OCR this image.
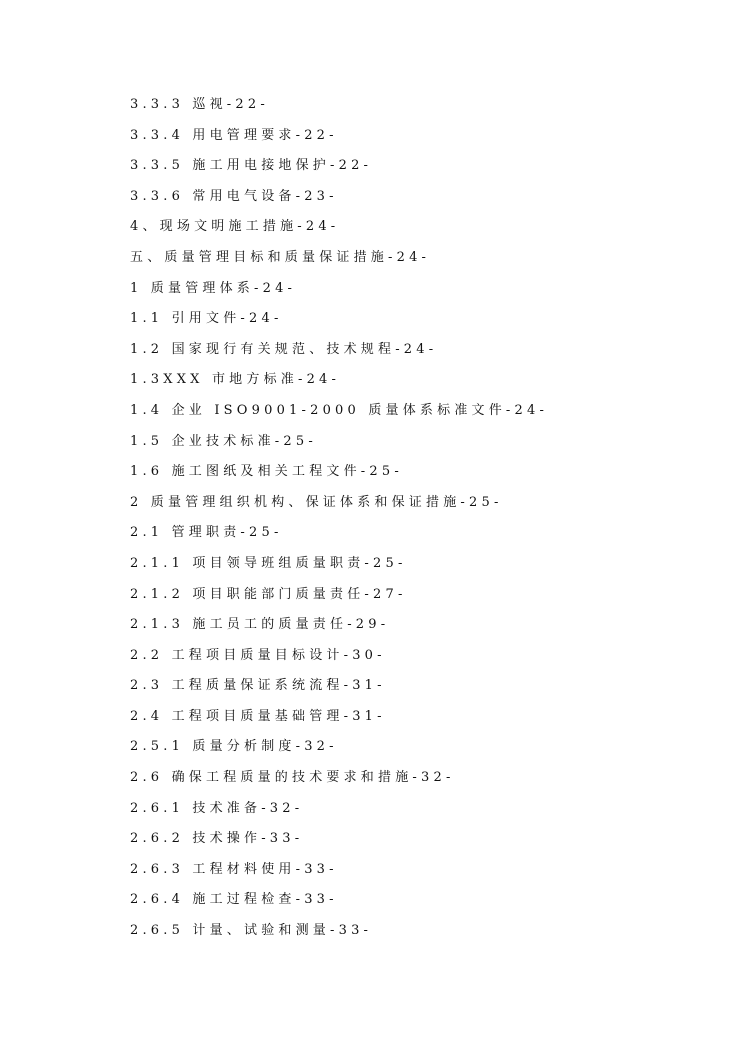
3.3.3 巡视-22-
3.3.4 用电管理要求-22-
3.3.5 施工用电接地保护-22-
3.3.6 常用电气设备-23-
4、现场文明施工措施-24-
五、质量管理目标和质量保证措施-24-
1 质量管理体系-24-
1.1 引用文件-24-
1.2 国家现行有关规范、技术规程-24-
1.3XXX 市地方标准-24-
1.4 企业 ISO9001-2000 质量体系标准文件-24-
1.5 企业技术标准-25-
1.6 施工图纸及相关工程文件-25-
2 质量管理组织机构、保证体系和保证措施-25-
2.1 管理职责-25-
2.1.1 项目领导班组质量职责-25-
2.1.2 项目职能部门质量责任-27-
2.1.3 施工员工的质量责任-29-
2.2 工程项目质量目标设计-30-
2.3 工程质量保证系统流程-31-
2.4 工程项目质量基础管理-31-
2.5.1 质量分析制度-32-
2.6 确保工程质量的技术要求和措施-32-
2.6.1 技术准备-32-
2.6.2 技术操作-33-
2.6.3 工程材料使用-33-
2.6.4 施工过程检查-33-
2.6.5 计量、试验和测量-33-
